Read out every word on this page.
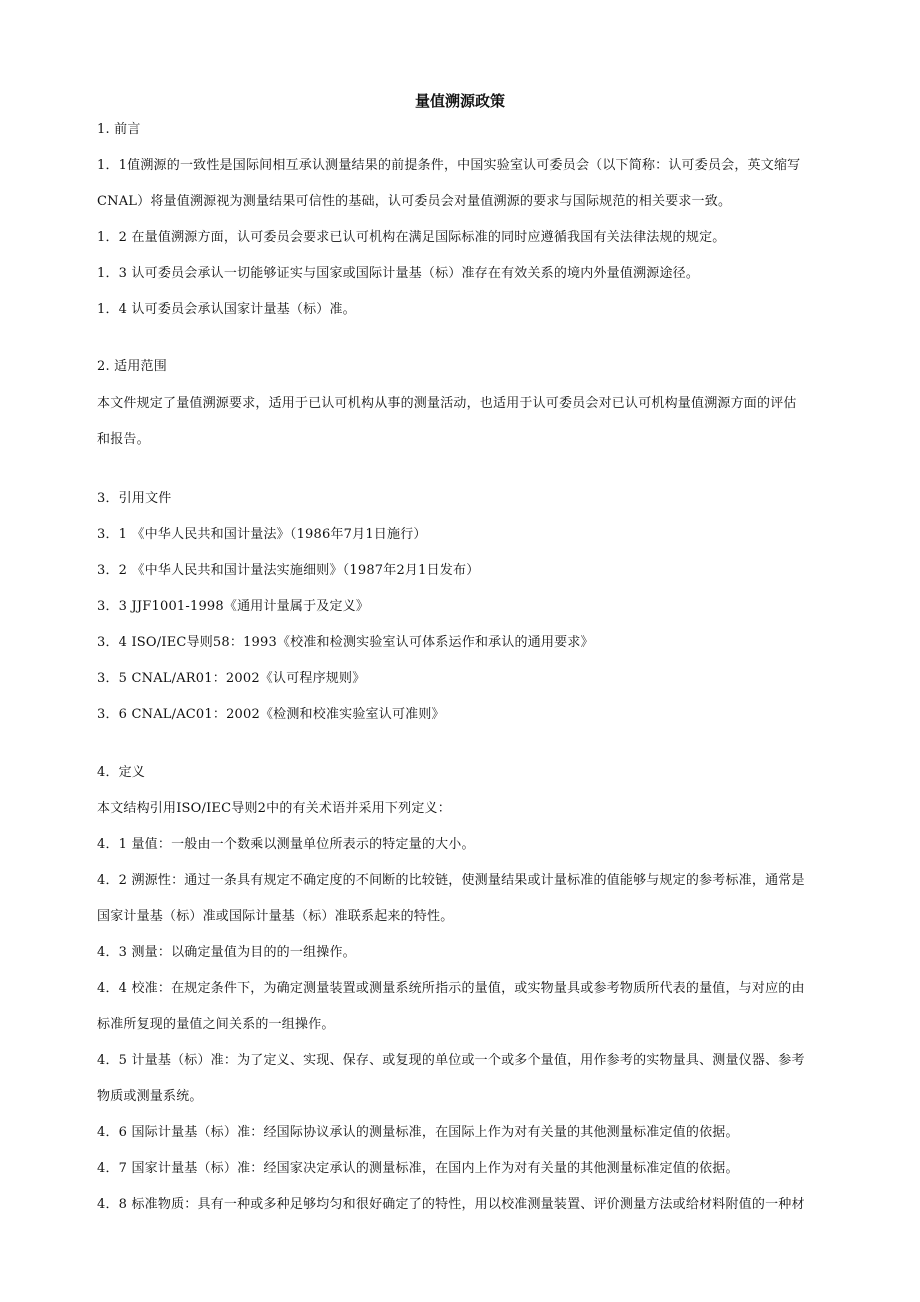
量值溯源政策
1. 前言
1．1值溯源的一致性是国际间相互承认测量结果的前提条件，中国实验室认可委员会（以下简称：认可委员会，英文缩写
CNAL）将量值溯源视为测量结果可信性的基础，认可委员会对量值溯源的要求与国际规范的相关要求一致。
1．2 在量值溯源方面，认可委员会要求已认可机构在满足国际标准的同时应遵循我国有关法律法规的规定。
1．3 认可委员会承认一切能够证实与国家或国际计量基（标）准存在有效关系的境内外量值溯源途径。
1．4 认可委员会承认国家计量基（标）准。
2. 适用范围
本文件规定了量值溯源要求，适用于已认可机构从事的测量活动，也适用于认可委员会对已认可机构量值溯源方面的评估
和报告。
3．引用文件
3．1 《中华人民共和国计量法》（1986年7月1日施行）
3．2 《中华人民共和国计量法实施细则》（1987年2月1日发布）
3．3 JJF1001-1998《通用计量属于及定义》
3．4 ISO/IEC导则58：1993《校准和检测实验室认可体系运作和承认的通用要求》
3．5 CNAL/AR01：2002《认可程序规则》
3．6 CNAL/AC01：2002《检测和校准实验室认可准则》
4．定义
本文结构引用ISO/IEC导则2中的有关术语并采用下列定义：
4．1 量值：一般由一个数乘以测量单位所表示的特定量的大小。
4．2 溯源性：通过一条具有规定不确定度的不间断的比较链，使测量结果或计量标准的值能够与规定的参考标准，通常是
国家计量基（标）准或国际计量基（标）准联系起来的特性。
4．3 测量：以确定量值为目的的一组操作。
4．4 校准：在规定条件下，为确定测量装置或测量系统所指示的量值，或实物量具或参考物质所代表的量值，与对应的由
标准所复现的量值之间关系的一组操作。
4．5 计量基（标）准：为了定义、实现、保存、或复现的单位或一个或多个量值，用作参考的实物量具、测量仪器、参考
物质或测量系统。
4．6 国际计量基（标）准：经国际协议承认的测量标准，在国际上作为对有关量的其他测量标准定值的依据。
4．7 国家计量基（标）准：经国家决定承认的测量标准，在国内上作为对有关量的其他测量标准定值的依据。
4．8 标准物质：具有一种或多种足够均匀和很好确定了的特性，用以校准测量装置、评价测量方法或给材料附值的一种材
